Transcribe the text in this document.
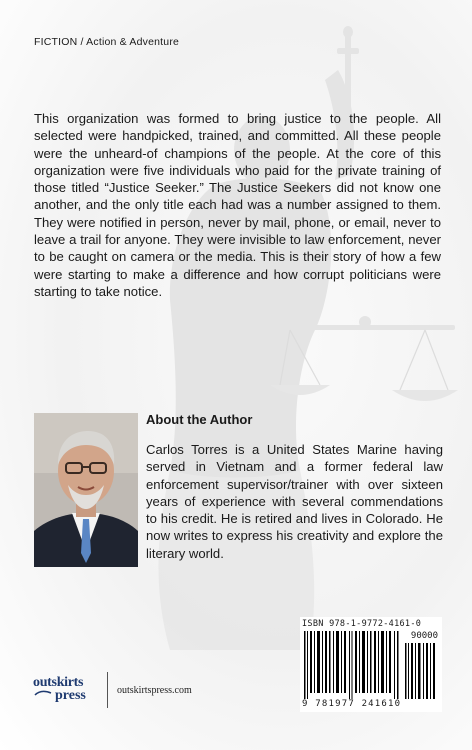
FICTION / Action & Adventure
This organization was formed to bring justice to the people. All selected were handpicked, trained, and committed. All these people were the unheard-of champions of the people. At the core of this organization were five individuals who paid for the private training of those titled “Justice Seeker.” The Justice Seekers did not know one another, and the only title each had was a number assigned to them. They were notified in person, never by mail, phone, or email, never to leave a trail for anyone. They were invisible to law enforcement, never to be caught on camera or the media. This is their story of how a few were starting to make a difference and how corrupt politicians were starting to take notice.
About the Author
Carlos Torres is a United States Marine having served in Vietnam and a former federal law enforcement supervisor/trainer with over sixteen years of experience with several commendations to his credit. He is retired and lives in Colorado. He now writes to express his creativity and explore the literary world.
ISBN 978-1-9772-4161-0
90000
9 781977 241610
outskirts
press	outskirtspress.com
